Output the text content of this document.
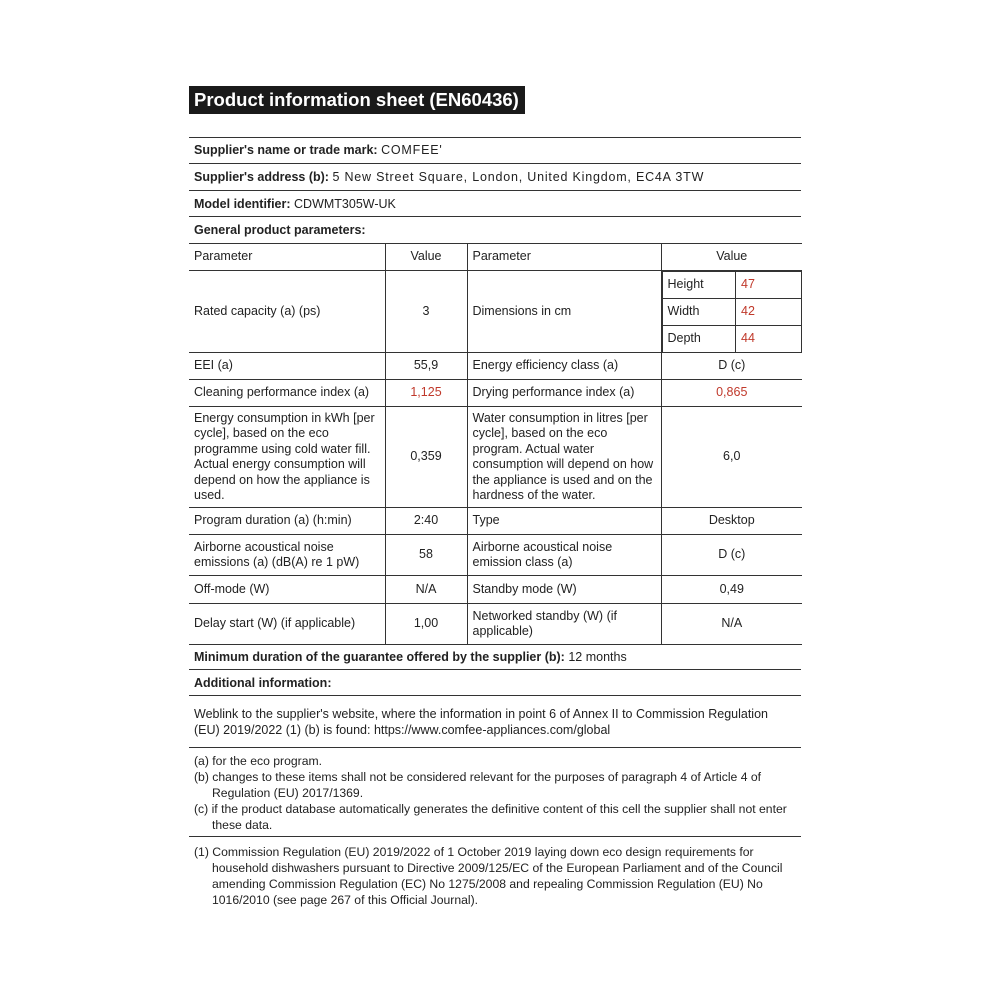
Product information sheet (EN60436)
Supplier's name or trade mark: COMFEE'
Supplier's address (b): 5 New Street Square, London, United Kingdom, EC4A 3TW
Model identifier: CDWMT305W-UK
General product parameters:
Parameter	Value	Parameter	Value
Rated capacity (a) (ps)	3	Dimensions in cm	
Height	47
Width	42
Depth	44

EEI (a)	55,9	Energy efficiency class (a)	D (c)
Cleaning performance index (a)	1,125	Drying performance index (a)	0,865
Energy consumption in kWh [per cycle], based on the eco programme using cold water fill. Actual energy consumption will depend on how the appliance is used.	0,359	Water consumption in litres [per cycle], based on the eco program. Actual water consumption will depend on how the appliance is used and on the hardness of the water.	6,0
Program duration (a) (h:min)	2:40	Type	Desktop
Airborne acoustical noise emissions (a) (dB(A) re 1 pW)	58	Airborne acoustical noise emission class (a)	D (c)
Off-mode (W)	N/A	Standby mode (W)	0,49
Delay start (W) (if applicable)	1,00	Networked standby (W) (if applicable)	N/A
Minimum duration of the guarantee offered by the supplier (b): 12 months
Additional information:
Weblink to the supplier's website, where the information in point 6 of Annex II to Commission Regulation (EU) 2019/2022 (1) (b) is found: https://www.comfee-appliances.com/global
(a) for the eco program.
(b) changes to these items shall not be considered relevant for the purposes of paragraph 4 of Article 4 of Regulation (EU) 2017/1369.
(c) if the product database automatically generates the definitive content of this cell the supplier shall not enter these data.
(1) Commission Regulation (EU) 2019/2022 of 1 October 2019 laying down eco design requirements for household dishwashers pursuant to Directive 2009/125/EC of the European Parliament and of the Council amending Commission Regulation (EC) No 1275/2008 and repealing Commission Regulation (EU) No 1016/2010 (see page 267 of this Official Journal).
